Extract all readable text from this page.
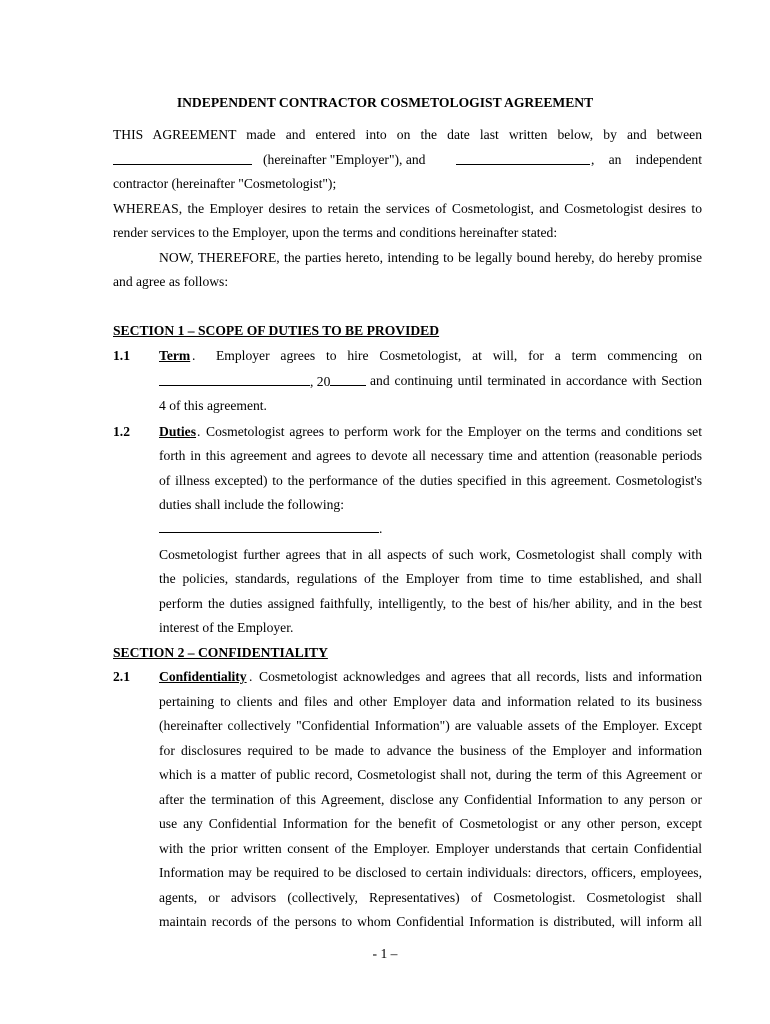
INDEPENDENT CONTRACTOR COSMETOLOGIST AGREEMENT
THIS AGREEMENT made and entered into on the date last written below, by and between
(hereinafter "Employer"), and	, an independent
contractor (hereinafter "Cosmetologist");
WHEREAS, the Employer desires to retain the services of Cosmetologist, and Cosmetologist desires to
render services to the Employer, upon the terms and conditions hereinafter stated:
NOW, THEREFORE, the parties hereto, intending to be legally bound hereby, do hereby promise
and agree as follows:
SECTION 1 – SCOPE OF DUTIES TO BE PROVIDED
1.1 Term . Employer agrees to hire Cosmetologist, at will, for a term commencing on
, 20	and continuing until terminated in accordance with Section
4 of this agreement.
1.2 Duties . Cosmetologist agrees to perform work for the Employer on the terms and conditions set
forth in this agreement and agrees to devote all necessary time and attention (reasonable periods
of illness excepted) to the performance of the duties specified in this agreement. Cosmetologist's
duties shall include the following:
.
Cosmetologist further agrees that in all aspects of such work, Cosmetologist shall comply with
the policies, standards, regulations of the Employer from time to time established, and shall
perform the duties assigned faithfully, intelligently, to the best of his/her ability, and in the best
interest of the Employer.
SECTION 2 – CONFIDENTIALITY
2.1 Confidentiality . Cosmetologist acknowledges and agrees that all records, lists and information
pertaining to clients and files and other Employer data and information related to its business
(hereinafter collectively "Confidential Information") are valuable assets of the Employer. Except
for disclosures required to be made to advance the business of the Employer and information
which is a matter of public record, Cosmetologist shall not, during the term of this Agreement or
after the termination of this Agreement, disclose any Confidential Information to any person or
use any Confidential Information for the benefit of Cosmetologist or any other person, except
with the prior written consent of the Employer. Employer understands that certain Confidential
Information may be required to be disclosed to certain individuals: directors, officers, employees,
agents, or advisors (collectively, Representatives) of Cosmetologist. Cosmetologist shall
maintain records of the persons to whom Confidential Information is distributed, will inform all
- 1 –
